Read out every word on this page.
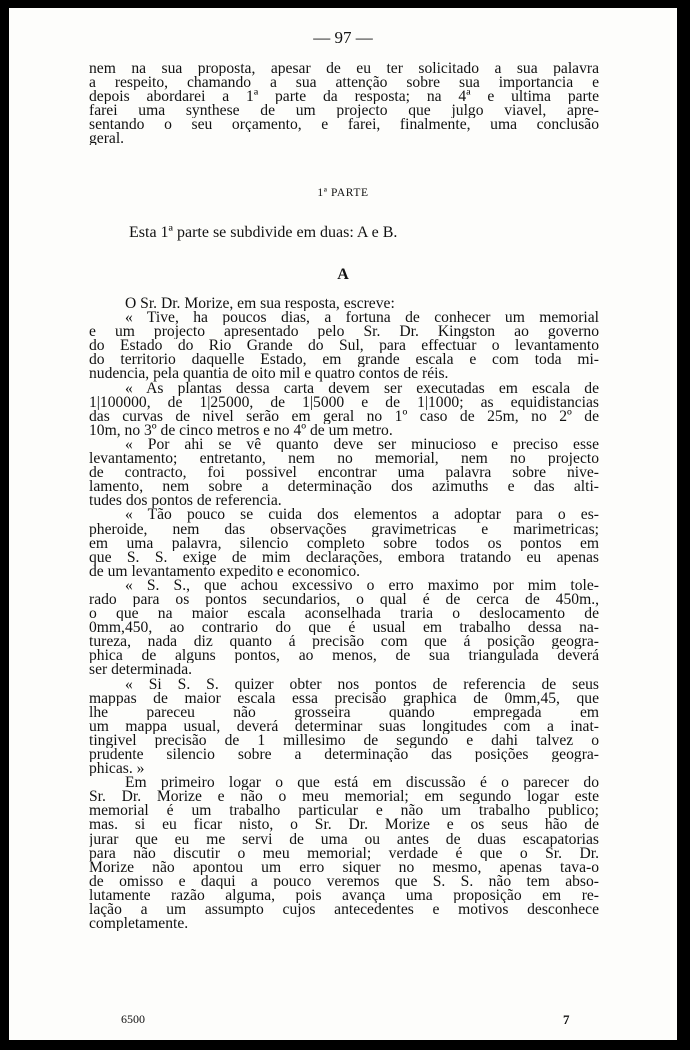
— 97 —
nem na sua proposta, apesar de eu ter solicitado a sua palavra
a respeito, chamando a sua attenção sobre sua importancia e
depois abordarei a 1ª parte da resposta; na 4ª e ultima parte
farei uma synthese de um projecto que julgo viavel, apre-
sentando o seu orçamento, e farei, finalmente, uma conclusão
geral.
1ª PARTE
Esta 1ª parte se subdivide em duas: A e B.
A
O Sr. Dr. Morize, em sua resposta, escreve:
« Tive, ha poucos dias, a fortuna de conhecer um memorial
e um projecto apresentado pelo Sr. Dr. Kingston ao governo
do Estado do Rio Grande do Sul, para effectuar o levantamento
do territorio daquelle Estado, em grande escala e com toda mi-
nudencia, pela quantia de oito mil e quatro contos de réis.
« As plantas dessa carta devem ser executadas em escala de
1|100000, de 1|25000, de 1|5000 e de 1|1000; as equidistancias
das curvas de nivel serão em geral no 1º caso de 25m, no 2º de
10m, no 3º de cinco metros e no 4º de um metro.
« Por ahi se vê quanto deve ser minucioso e preciso esse
levantamento; entretanto, nem no memorial, nem no projecto
de contracto, foi possivel encontrar uma palavra sobre nive-
lamento, nem sobre a determinação dos azimuths e das alti-
tudes dos pontos de referencia.
« Tão pouco se cuida dos elementos a adoptar para o es-
pheroide, nem das observações gravimetricas e marimetricas;
em uma palavra, silencio completo sobre todos os pontos em
que S. S. exige de mim declarações, embora tratando eu apenas
de um levantamento expedito e economico.
« S. S., que achou excessivo o erro maximo por mim tole-
rado para os pontos secundarios, o qual é de cerca de 450m.,
o que na maior escala aconselhada traria o deslocamento de
0mm,450, ao contrario do que é usual em trabalho dessa na-
tureza, nada diz quanto á precisão com que á posição geogra-
phica de alguns pontos, ao menos, de sua triangulada deverá
ser determinada.
« Si S. S. quizer obter nos pontos de referencia de seus
mappas de maior escala essa precisão graphica de 0mm,45, que
lhe pareceu não grosseira quando empregada em
um mappa usual, deverá determinar suas longitudes com a inat-
tingivel precisão de 1 millesimo de segundo e dahi talvez o
prudente silencio sobre a determinação das posições geogra-
phicas. »
Em primeiro logar o que está em discussão é o parecer do
Sr. Dr. Morize e não o meu memorial; em segundo logar este
memorial é um trabalho particular e não um trabalho publico;
mas. si eu ficar nisto, o Sr. Dr. Morize e os seus hão de
jurar que eu me servi de uma ou antes de duas escapatorias
para não discutir o meu memorial; verdade é que o Sr. Dr.
Morize não apontou um erro siquer no mesmo, apenas tava-o
de omisso e daqui a pouco veremos que S. S. não tem abso-
lutamente razão alguma, pois avança uma proposição em re-
lação a um assumpto cujos antecedentes e motivos desconhece
completamente.
6500	7
